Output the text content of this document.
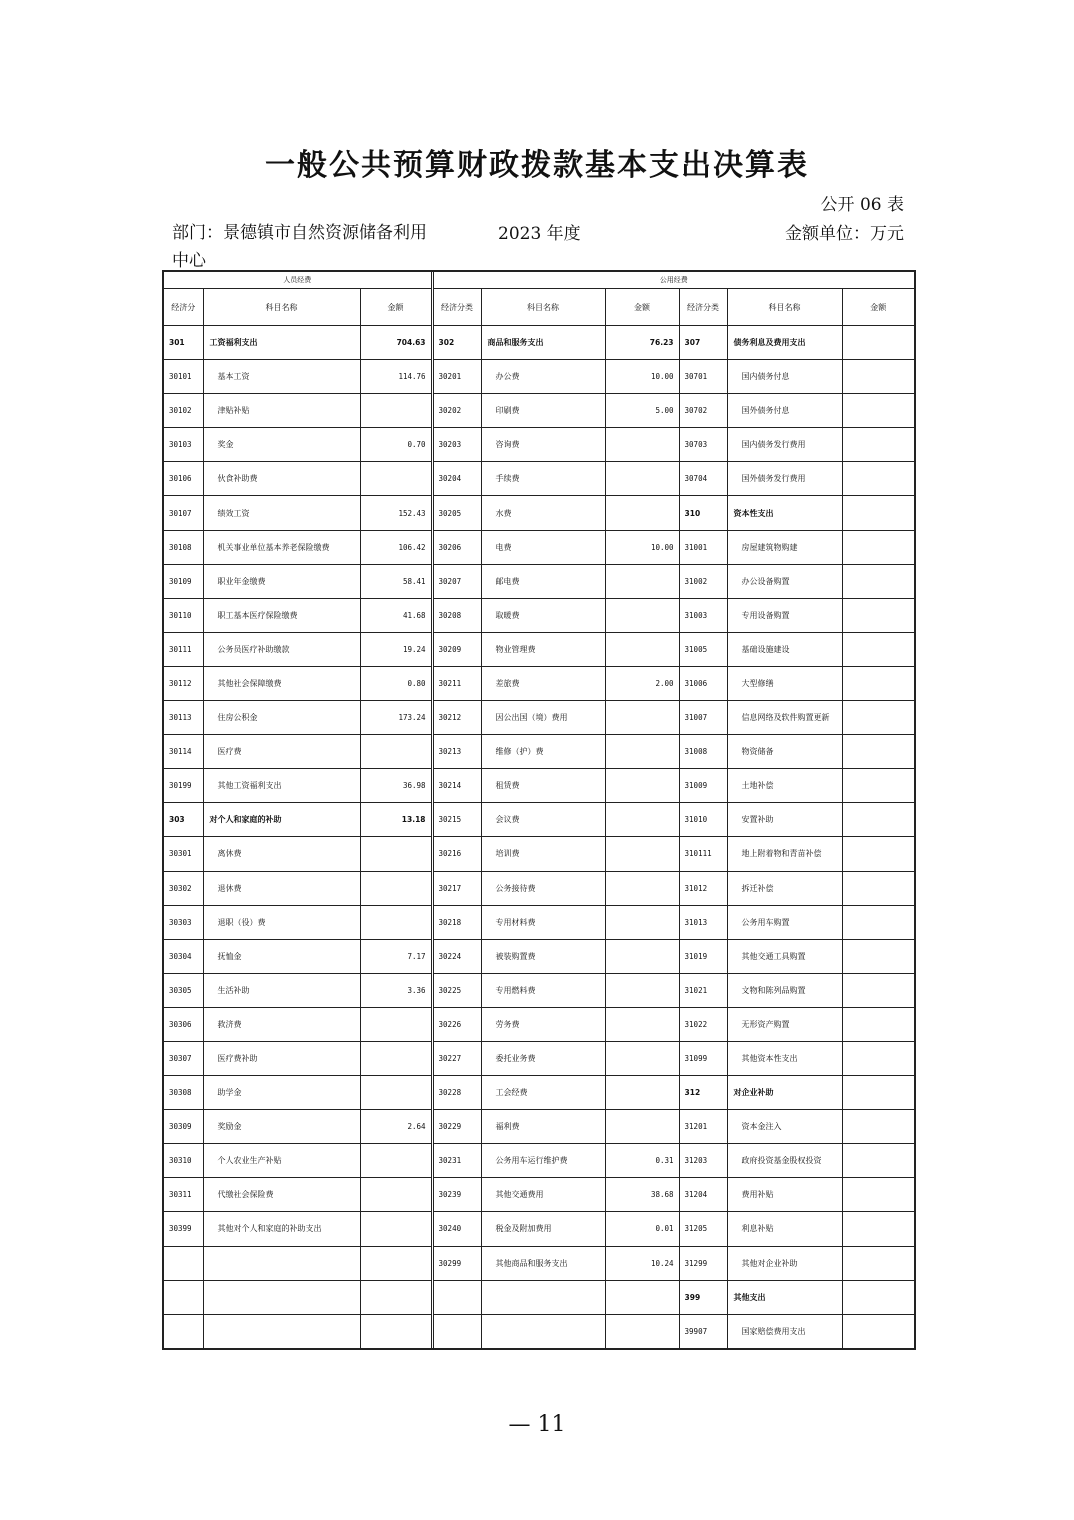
一般公共预算财政拨款基本支出决算表
公开 06 表
部门：景德镇市自然资源储备利用中心
2023 年度	金额单位：万元
人员经费				公用经费					
经济分	科目名称	金额		经济分类	科目名称	金额	经济分类	科目名称	金额
301	工资福利支出	704.63		302	商品和服务支出	76.23	307	债务利息及费用支出	
30101	基本工资	114.76		30201	办公费	10.00	30701	国内债务付息	
30102	津贴补贴			30202	印刷费	5.00	30702	国外债务付息	
30103	奖金	0.70		30203	咨询费		30703	国内债务发行费用	
30106	伙食补助费			30204	手续费		30704	国外债务发行费用	
30107	绩效工资	152.43		30205	水费		310	资本性支出	
30108	机关事业单位基本养老保险缴费	106.42		30206	电费	10.00	31001	房屋建筑物购建	
30109	职业年金缴费	58.41		30207	邮电费		31002	办公设备购置	
30110	职工基本医疗保险缴费	41.68		30208	取暖费		31003	专用设备购置	
30111	公务员医疗补助缴款	19.24		30209	物业管理费		31005	基础设施建设	
30112	其他社会保障缴费	0.80		30211	差旅费	2.00	31006	大型修缮	
30113	住房公积金	173.24		30212	因公出国（境）费用		31007	信息网络及软件购置更新	
30114	医疗费			30213	维修（护）费		31008	物资储备	
30199	其他工资福利支出	36.98		30214	租赁费		31009	土地补偿	
303	对个人和家庭的补助	13.18		30215	会议费		31010	安置补助	
30301	离休费			30216	培训费		310111	地上附着物和青苗补偿	
30302	退休费			30217	公务接待费		31012	拆迁补偿	
30303	退职（役）费			30218	专用材料费		31013	公务用车购置	
30304	抚恤金	7.17		30224	被装购置费		31019	其他交通工具购置	
30305	生活补助	3.36		30225	专用燃料费		31021	文物和陈列品购置	
30306	救济费			30226	劳务费		31022	无形资产购置	
30307	医疗费补助			30227	委托业务费		31099	其他资本性支出	
30308	助学金			30228	工会经费		312	对企业补助	
30309	奖励金	2.64		30229	福利费		31201	资本金注入	
30310	个人农业生产补贴			30231	公务用车运行维护费	0.31	31203	政府投资基金股权投资	
30311	代缴社会保险费			30239	其他交通费用	38.68	31204	费用补贴	
30399	其他对个人和家庭的补助支出			30240	税金及附加费用	0.01	31205	利息补贴	
				30299	其他商品和服务支出	10.24	31299	其他对企业补助	
							399	其他支出	
							39907	国家赔偿费用支出	
— 11
